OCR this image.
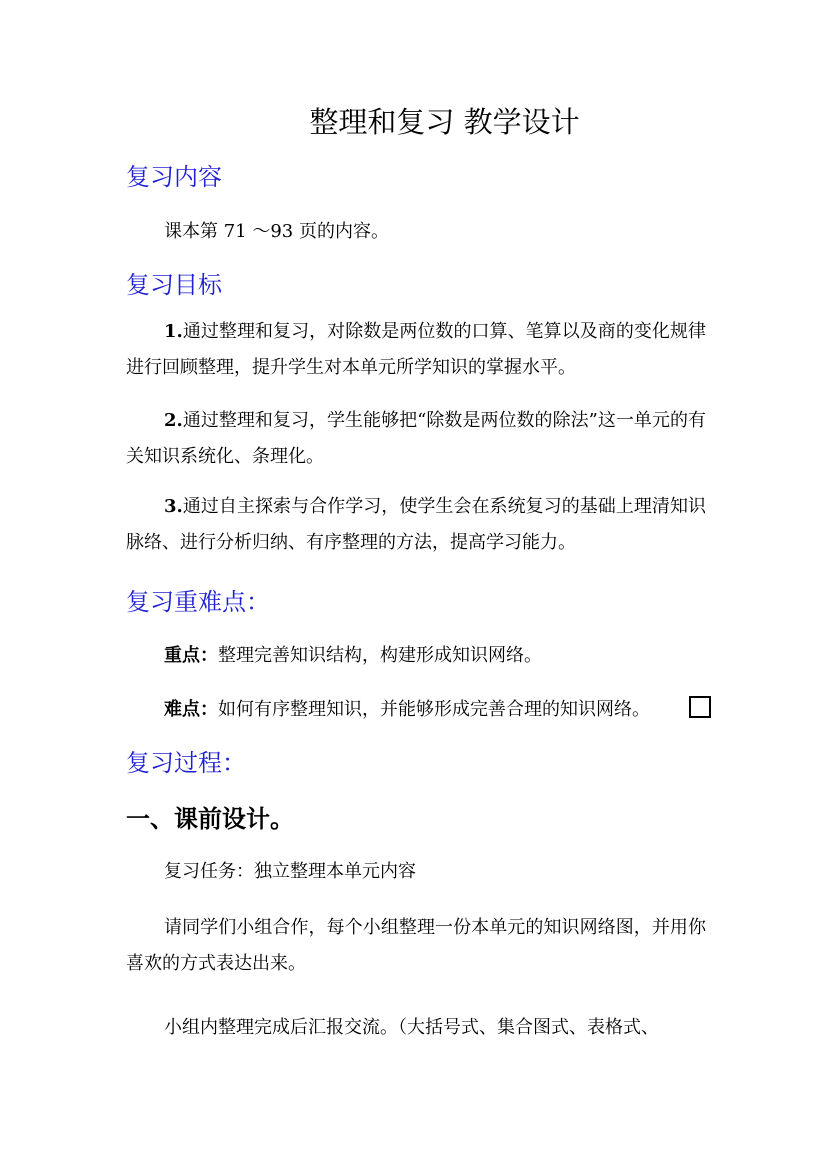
整理和复习 教学设计
复习内容
课本第 71 ～93 页的内容。
复习目标
1.通过整理和复习，对除数是两位数的口算、笔算以及商的变化规律进行回顾整理，提升学生对本单元所学知识的掌握水平。
2.通过整理和复习，学生能够把“除数是两位数的除法”这一单元的有关知识系统化、条理化。
3.通过自主探索与合作学习，使学生会在系统复习的基础上理清知识脉络、进行分析归纳、有序整理的方法，提高学习能力。
复习重难点：
重点：整理完善知识结构，构建形成知识网络。
难点：如何有序整理知识，并能够形成完善合理的知识网络。
复习过程：
一、课前设计。
复习任务：独立整理本单元内容
请同学们小组合作，每个小组整理一份本单元的知识网络图，并用你喜欢的方式表达出来。
小组内整理完成后汇报交流。（大括号式、集合图式、表格式、
